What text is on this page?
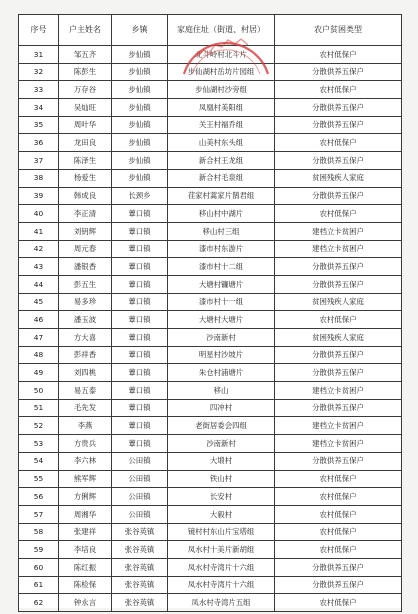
序号	户主姓名	乡镇	家庭住址（街道、村居）	农户贫困类型
31	邹五齐	步仙镇	北斗岭村北斗片	农村低保户
32	陈彭生	步仙镇	步仙湖村岳坊片园组	分散供养五保户
33	万存谷	步仙镇	步仙湖村沙旁组	农村低保户
34	吴灿旺	步仙镇	凤凰村美阳组	分散供养五保户
35	周叶华	步仙镇	关王村福乔组	分散供养五保户
36	龙田良	步仙镇	山美村东头组	农村低保户
37	陈泽生	步仙镇	新合村王龙组	分散供养五保户
38	杨爱生	步仙镇	新合村毛泉组	贫困残疾人家庭
39	韩成良	长颈乡	荏家村蒿家片鹊君组	分散供养五保户
40	李正清	蕈口镇	移山村中湖片	农村低保户
41	刘钥辉	蕈口镇	移山村三组	建档立卡贫困户
42	周元春	蕈口镇	漆市村东游片	建档立卡贫困户
43	潘银香	蕈口镇	漆市村十二组	分散供养五保户
44	彭五生	蕈口镇	大塘村镰塘片	分散供养五保户
45	易多珍	蕈口镇	漆市村十一组	贫困残疾人家庭
46	潘玉波	蕈口镇	大塘村大塘片	农村低保户
47	方大喜	蕈口镇	沙南新村	贫困残疾人家庭
48	彭祥香	蕈口镇	明星村沙坡片	分散供养五保户
49	刘四桃	蕈口镇	朱仓村浦塘片	分散供养五保户
50	易五泰	蕈口镇	移山	建档立卡贫困户
51	毛先发	蕈口镇	四冲村	分散供养五保户
52	李燕	蕈口镇	老街居委会四组	建档立卡贫困户
53	方贵兵	蕈口镇	沙南新村	建档立卡贫困户
54	李六林	公田镇	大塅村	分散供养五保户
55	熊军辉	公田镇	铁山村	农村低保户
56	方俐辉	公田镇	长安村	农村低保户
57	周湘华	公田镇	大毅村	农村低保户
58	张建祥	张谷英镇	镜村村东山片宝塔组	农村低保户
59	李培良	张谷英镇	凤水村十美片新胡组	农村低保户
60	陈红振	张谷英镇	凤水村寺湾片十六组	分散供养五保户
61	陈检保	张谷英镇	凤水村寺湾片十六组	分散供养五保户
62	钟永言	张谷英镇	凤水村寺湾片五组	农村低保户
